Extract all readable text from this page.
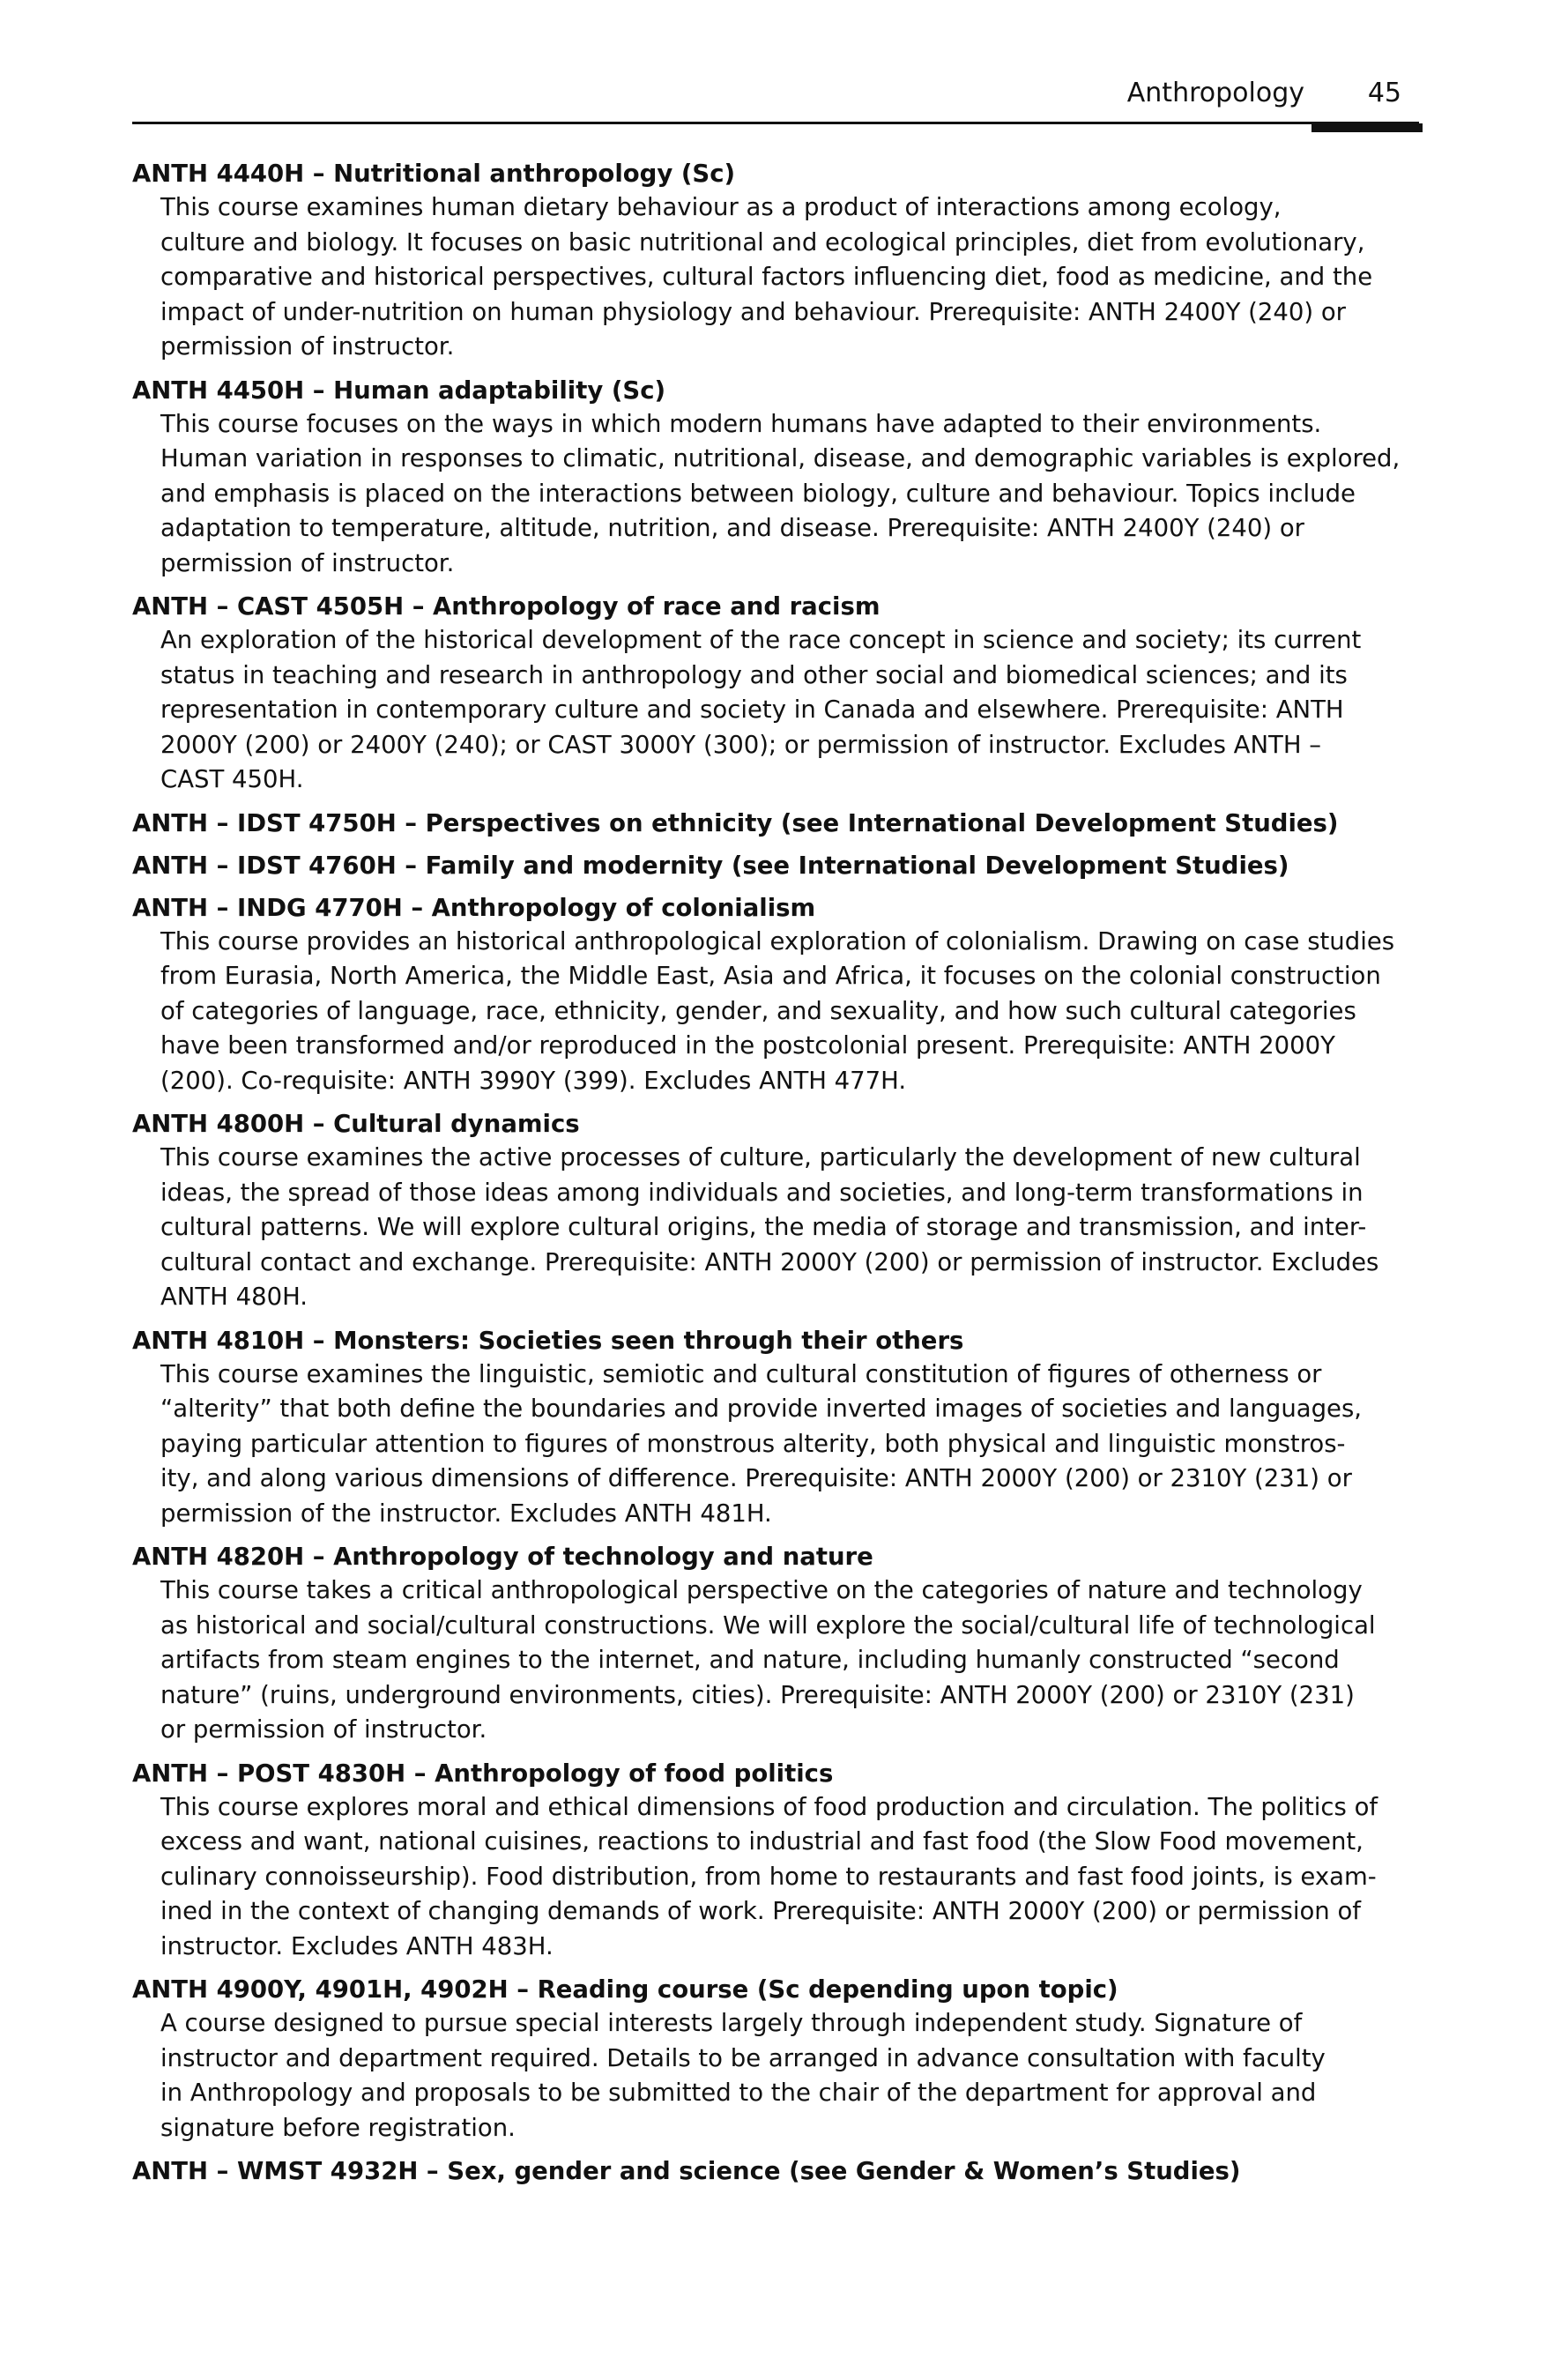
Anthropology 45
ANTH 4440H – Nutritional anthropology (Sc)
This course examines human dietary behaviour as a product of interactions among ecology,
culture and biology. It focuses on basic nutritional and ecological principles, diet from evolutionary,
comparative and historical perspectives, cultural factors influencing diet, food as medicine, and the
impact of under-nutrition on human physiology and behaviour. Prerequisite: ANTH 2400Y (240) or
permission of instructor.
ANTH 4450H – Human adaptability (Sc)
This course focuses on the ways in which modern humans have adapted to their environments.
Human variation in responses to climatic, nutritional, disease, and demographic variables is explored,
and emphasis is placed on the interactions between biology, culture and behaviour. Topics include
adaptation to temperature, altitude, nutrition, and disease. Prerequisite: ANTH 2400Y (240) or
permission of instructor.
ANTH – CAST 4505H – Anthropology of race and racism
An exploration of the historical development of the race concept in science and society; its current
status in teaching and research in anthropology and other social and biomedical sciences; and its
representation in contemporary culture and society in Canada and elsewhere. Prerequisite: ANTH
2000Y (200) or 2400Y (240); or CAST 3000Y (300); or permission of instructor. Excludes ANTH –
CAST 450H.
ANTH – IDST 4750H – Perspectives on ethnicity (see International Development Studies)
ANTH – IDST 4760H – Family and modernity (see International Development Studies)
ANTH – INDG 4770H – Anthropology of colonialism
This course provides an historical anthropological exploration of colonialism. Drawing on case studies
from Eurasia, North America, the Middle East, Asia and Africa, it focuses on the colonial construction
of categories of language, race, ethnicity, gender, and sexuality, and how such cultural categories
have been transformed and/or reproduced in the postcolonial present. Prerequisite: ANTH 2000Y
(200). Co-requisite: ANTH 3990Y (399). Excludes ANTH 477H.
ANTH 4800H – Cultural dynamics
This course examines the active processes of culture, particularly the development of new cultural
ideas, the spread of those ideas among individuals and societies, and long-term transformations in
cultural patterns. We will explore cultural origins, the media of storage and transmission, and inter-
cultural contact and exchange. Prerequisite: ANTH 2000Y (200) or permission of instructor. Excludes
ANTH 480H.
ANTH 4810H – Monsters: Societies seen through their others
This course examines the linguistic, semiotic and cultural constitution of figures of otherness or
“alterity” that both define the boundaries and provide inverted images of societies and languages,
paying particular attention to figures of monstrous alterity, both physical and linguistic monstros-
ity, and along various dimensions of difference. Prerequisite: ANTH 2000Y (200) or 2310Y (231) or
permission of the instructor. Excludes ANTH 481H.
ANTH 4820H – Anthropology of technology and nature
This course takes a critical anthropological perspective on the categories of nature and technology
as historical and social/cultural constructions. We will explore the social/cultural life of technological
artifacts from steam engines to the internet, and nature, including humanly constructed “second
nature” (ruins, underground environments, cities). Prerequisite: ANTH 2000Y (200) or 2310Y (231)
or permission of instructor.
ANTH – POST 4830H – Anthropology of food politics
This course explores moral and ethical dimensions of food production and circulation. The politics of
excess and want, national cuisines, reactions to industrial and fast food (the Slow Food movement,
culinary connoisseurship). Food distribution, from home to restaurants and fast food joints, is exam-
ined in the context of changing demands of work. Prerequisite: ANTH 2000Y (200) or permission of
instructor. Excludes ANTH 483H.
ANTH 4900Y, 4901H, 4902H – Reading course (Sc depending upon topic)
A course designed to pursue special interests largely through independent study. Signature of
instructor and department required. Details to be arranged in advance consultation with faculty
in Anthropology and proposals to be submitted to the chair of the department for approval and
signature before registration.
ANTH – WMST 4932H – Sex, gender and science (see Gender & Women’s Studies)
